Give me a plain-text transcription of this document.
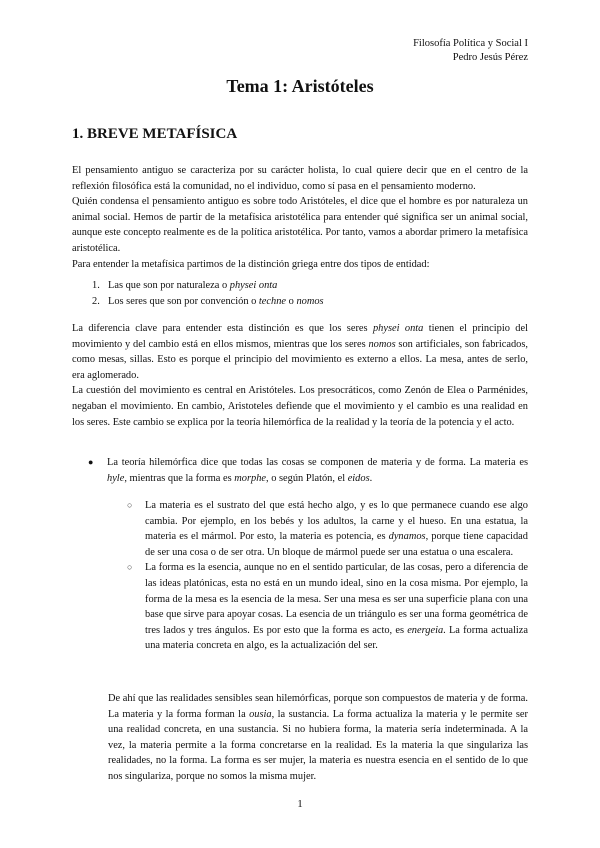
Filosofía Política y Social I
Pedro Jesús Pérez
Tema 1: Aristóteles
1. BREVE METAFÍSICA

El pensamiento antiguo se caracteriza por su carácter holista, lo cual quiere decir que en el centro de la reflexión filosófica está la comunidad, no el individuo, como sí pasa en el pensamiento moderno.

Quién condensa el pensamiento antiguo es sobre todo Aristóteles, el dice que el hombre es por naturaleza un animal social. Hemos de partir de la metafísica aristotélica para entender qué significa ser un animal social, aunque este concepto realmente es de la política aristotélica. Por tanto, vamos a abordar primero la metafísica aristotélica.

Para entender la metafísica partimos de la distinción griega entre dos tipos de entidad:

1. Las que son por naturaleza o physei onta
2. Los seres que son por convención o techne o nomos

La diferencia clave para entender esta distinción es que los seres physei onta tienen el principio del movimiento y del cambio está en ellos mismos, mientras que los seres nomos son artificiales, son fabricados, como mesas, sillas. Esto es porque el principio del movimiento es externo a ellos. La mesa, antes de serlo, era aglomerado.

La cuestión del movimiento es central en Aristóteles. Los presocráticos, como Zenón de Elea o Parménides, negaban el movimiento. En cambio, Aristoteles defiende que el movimiento y el cambio es una realidad en los seres. Este cambio se explica por la teoría hilemórfica de la realidad y la teoría de la potencia y el acto.

●	La teoría hilemórfica dice que todas las cosas se componen de materia y de forma. La materia es hyle, mientras que la forma es morphe, o según Platón, el eidos.
○	La materia es el sustrato del que está hecho algo, y es lo que permanece cuando ese algo cambia. Por ejemplo, en los bebés y los adultos, la carne y el hueso. En una estatua, la materia es el mármol. Por esto, la materia es potencia, es dynamos, porque tiene capacidad de ser una cosa o de ser otra. Un bloque de mármol puede ser una estatua o una escalera.
○	La forma es la esencia, aunque no en el sentido particular, de las cosas, pero a diferencia de las ideas platónicas, esta no está en un mundo ideal, sino en la cosa misma. Por ejemplo, la forma de la mesa es la esencia de la mesa. Ser una mesa es ser una superficie plana con una base que sirve para apoyar cosas. La esencia de un triángulo es ser una forma geométrica de tres lados y tres ángulos. Es por esto que la forma es acto, es energeia. La forma actualiza una materia concreta en algo, es la actualización del ser.

De ahí que las realidades sensibles sean hilemórficas, porque son compuestos de materia y de forma. La materia y la forma forman la ousia, la sustancia. La forma actualiza la materia y le permite ser una realidad concreta, en una sustancia. Si no hubiera forma, la materia sería indeterminada. A la vez, la materia permite a la forma concretarse en la realidad. Es la materia la que singulariza las realidades, no la forma. La forma es ser mujer, la materia es nuestra esencia en el sentido de lo que nos singulariza, porque no somos la misma mujer.

1
